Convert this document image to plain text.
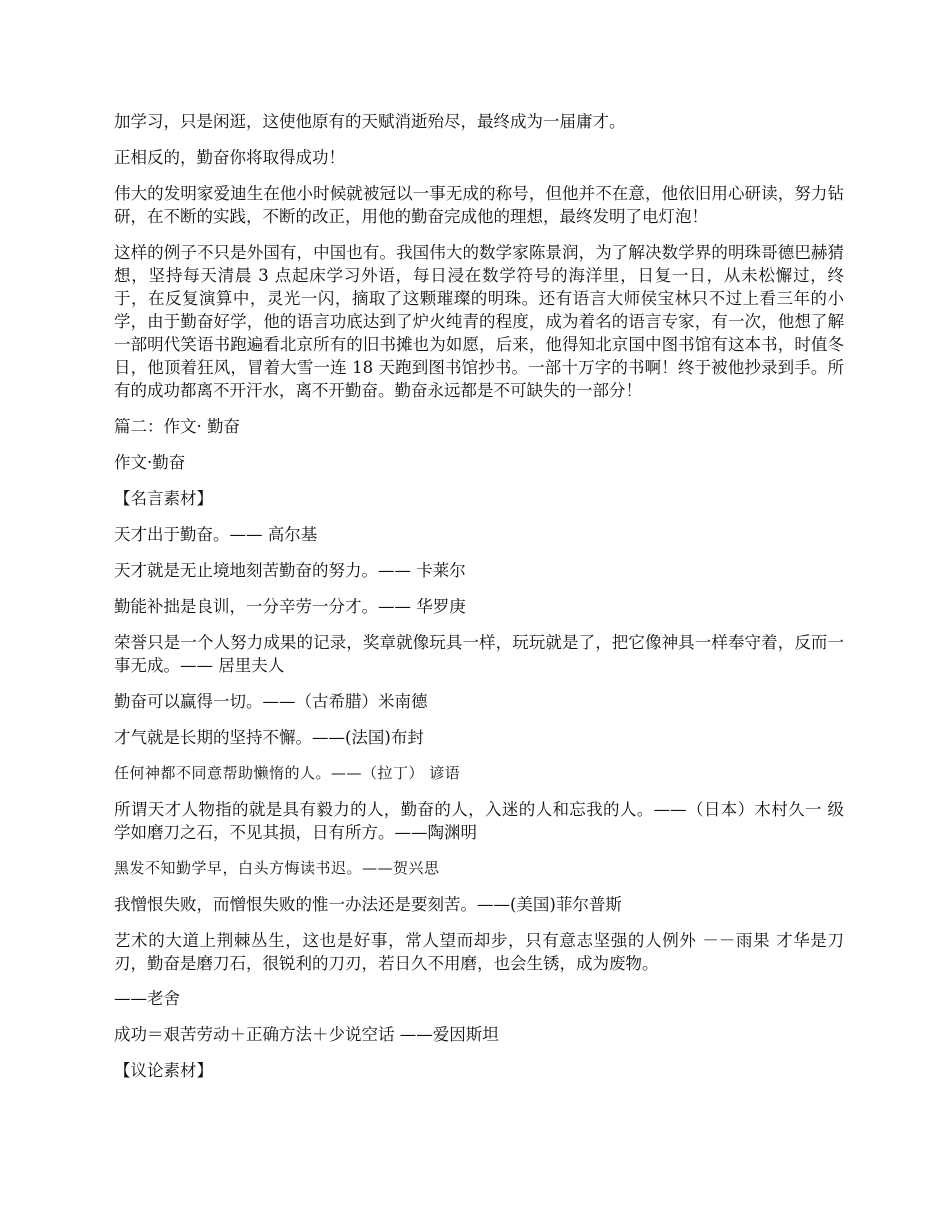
加学习，只是闲逛，这使他原有的天赋消逝殆尽，最终成为一届庸才。

正相反的，勤奋你将取得成功！

伟大的发明家爱迪生在他小时候就被冠以一事无成的称号，但他并不在意，他依旧用心研读，努力钻研，在不断的实践，不断的改正，用他的勤奋完成他的理想，最终发明了电灯泡！

这样的例子不只是外国有，中国也有。我国伟大的数学家陈景润，为了解决数学界的明珠哥德巴赫猜想，坚持每天清晨 3 点起床学习外语，每日浸在数学符号的海洋里，日复一日，从未松懈过，终于，在反复演算中，灵光一闪，摘取了这颗璀璨的明珠。还有语言大师侯宝林只不过上看三年的小学，由于勤奋好学，他的语言功底达到了炉火纯青的程度，成为着名的语言专家，有一次，他想了解一部明代笑语书跑遍看北京所有的旧书摊也为如愿，后来，他得知北京国中图书馆有这本书，时值冬日，他顶着狂风，冒着大雪一连 18 天跑到图书馆抄书。一部十万字的书啊！终于被他抄录到手。所有的成功都离不开汗水，离不开勤奋。勤奋永远都是不可缺失的一部分！

篇二：作文· 勤奋

作文·勤奋

【名言素材】

天才出于勤奋。—— 高尔基

天才就是无止境地刻苦勤奋的努力。—— 卡莱尔

勤能补拙是良训，一分辛劳一分才。—— 华罗庚

荣誉只是一个人努力成果的记录，奖章就像玩具一样，玩玩就是了，把它像神具一样奉守着，反而一事无成。—— 居里夫人

勤奋可以赢得一切。——（古希腊）米南德

才气就是长期的坚持不懈。——(法国)布封

任何神都不同意帮助懒惰的人。——（拉丁） 谚语

所谓天才人物指的就是具有毅力的人，勤奋的人，入迷的人和忘我的人。——（日本）木村久一 级学如磨刀之石，不见其损，日有所方。——陶渊明

黑发不知勤学早，白头方悔读书迟。——贺兴思

我憎恨失败，而憎恨失败的惟一办法还是要刻苦。——(美国)菲尔普斯

艺术的大道上荆棘丛生，这也是好事，常人望而却步，只有意志坚强的人例外 －－雨果 才华是刀刃，勤奋是磨刀石，很锐利的刀刃，若日久不用磨，也会生锈，成为废物。

——老舍

成功＝艰苦劳动＋正确方法＋少说空话 ——爱因斯坦

【议论素材】
